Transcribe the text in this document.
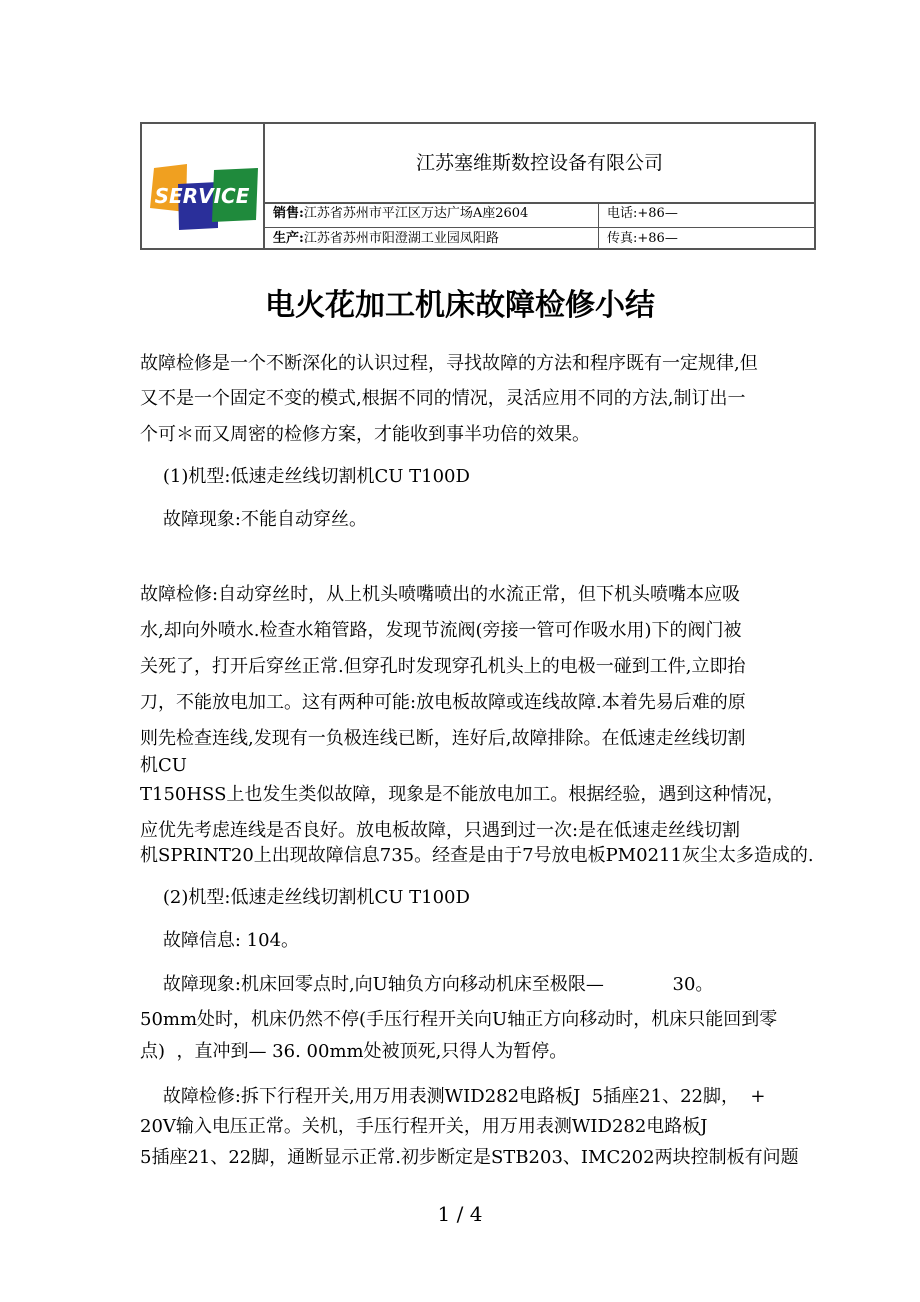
SERVICE
江苏塞维斯数控设备有限公司
销售:江苏省苏州市平江区万达广场A座2604	电话:+86—
生产:江苏省苏州市阳澄湖工业园凤阳路	传真:+86—
电火花加工机床故障检修小结
故障检修是一个不断深化的认识过程，寻找故障的方法和程序既有一定规律,但
又不是一个固定不变的模式,根据不同的情况，灵活应用不同的方法,制订出一
个可＊而又周密的检修方案，才能收到事半功倍的效果。
(1)机型:低速走丝线切割机CU T100D
故障现象:不能自动穿丝。
故障检修:自动穿丝时，从上机头喷嘴喷出的水流正常，但下机头喷嘴本应吸
水,却向外喷水.检查水箱管路，发现节流阀(旁接一管可作吸水用)下的阀门被
关死了，打开后穿丝正常.但穿孔时发现穿孔机头上的电极一碰到工件,立即抬
刀，不能放电加工。这有两种可能:放电板故障或连线故障.本着先易后难的原
则先检查连线,发现有一负极连线已断，连好后,故障排除。在低速走丝线切割
机CU
T150HSS上也发生类似故障，现象是不能放电加工。根据经验，遇到这种情况，
应优先考虑连线是否良好。放电板故障，只遇到过一次:是在低速走丝线切割
机SPRINT20上出现故障信息735。经查是由于7号放电板PM0211灰尘太多造成的.
(2)机型:低速走丝线切割机CU T100D
故障信息: 104。
故障现象:机床回零点时,向U轴负方向移动机床至极限—            30。
50mm处时，机床仍然不停(手压行程开关向U轴正方向移动时，机床只能回到零
点)  ，直冲到— 36. 00mm处被顶死,只得人为暂停。
故障检修:拆下行程开关,用万用表测WID282电路板J  5插座21、22脚，  +
20V输入电压正常。关机，手压行程开关，用万用表测WID282电路板J
5插座21、22脚，通断显示正常.初步断定是STB203、IMC202两块控制板有问题
1 / 4
